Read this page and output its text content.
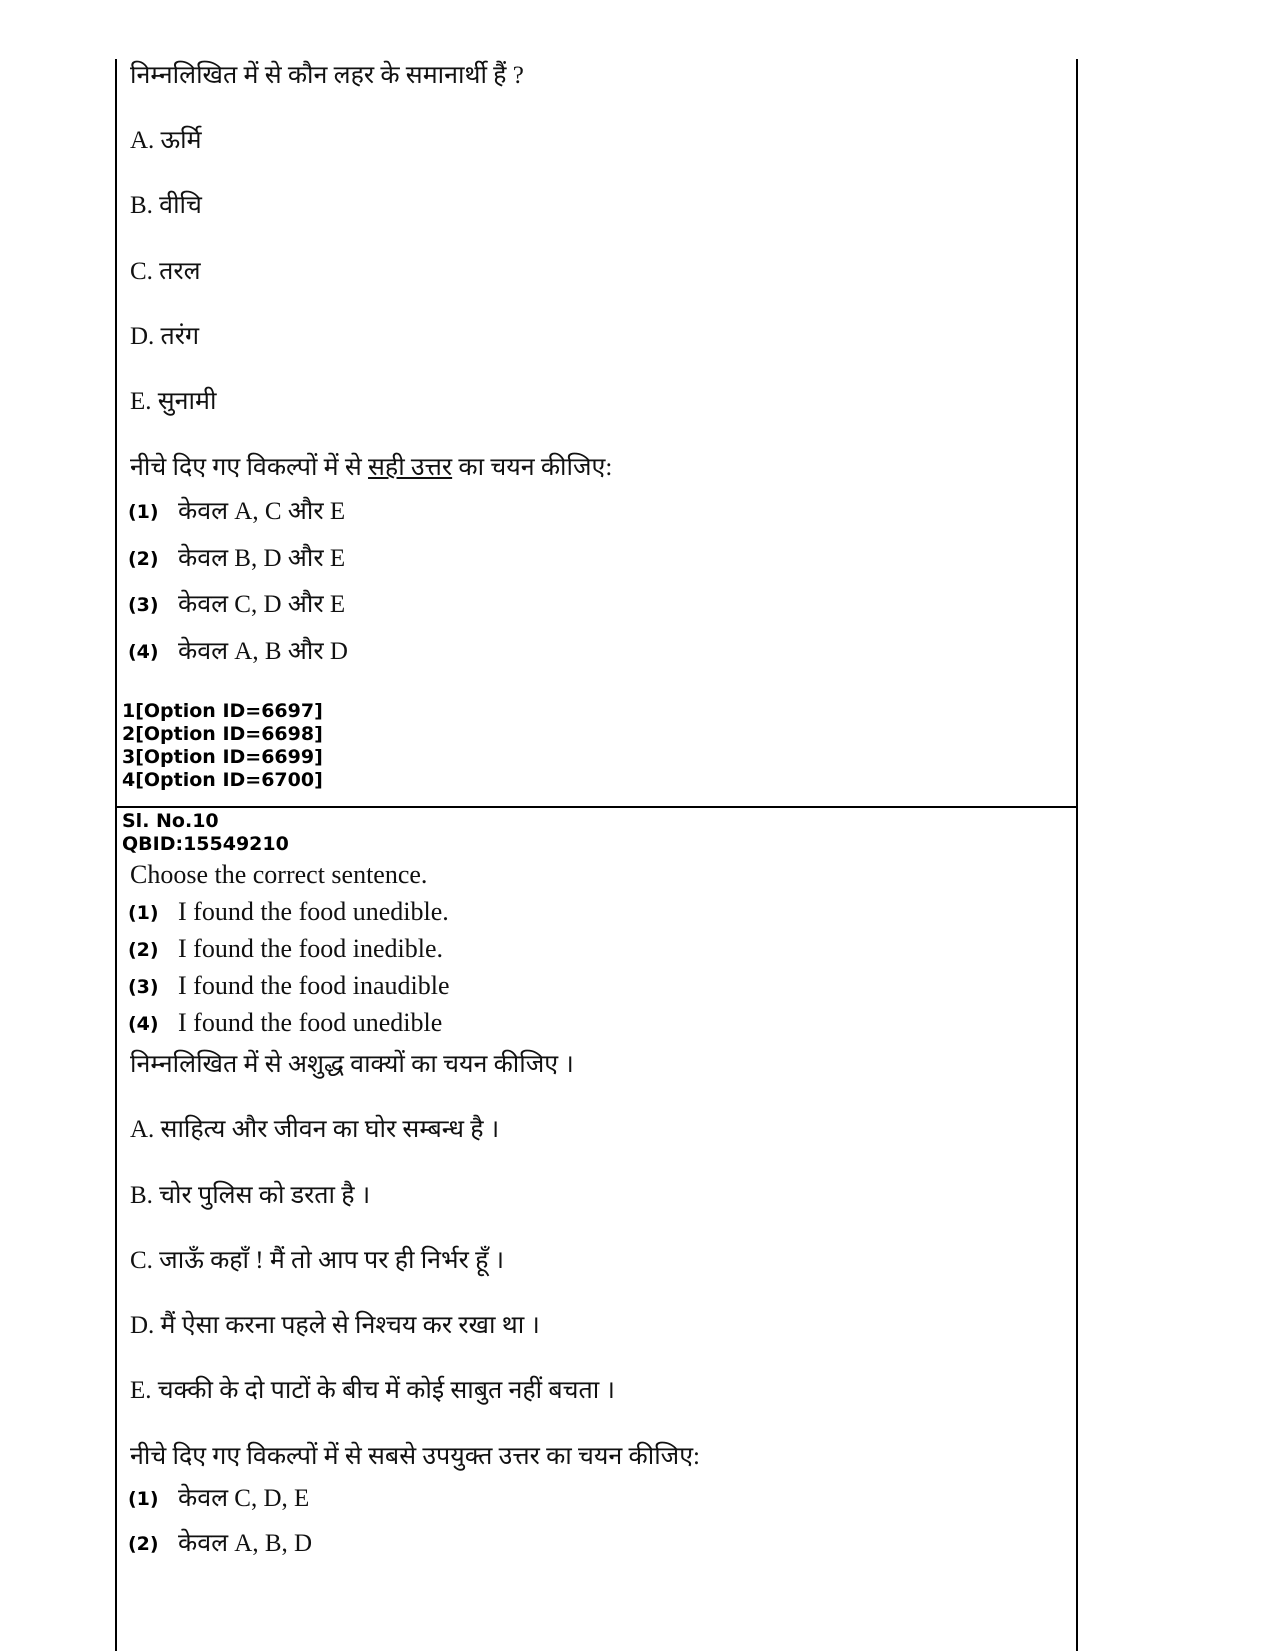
निम्नलिखित में से कौन लहर के समानार्थी हैं ?
A. ऊर्मि
B. वीचि
C. तरल
D. तरंग
E. सुनामी
नीचे दिए गए विकल्पों में से सही उत्तर का चयन कीजिए:
(1) केवल A, C और E
(2) केवल B, D और E
(3) केवल C, D और E
(4) केवल A, B और D
1[Option ID=6697]
2[Option ID=6698]
3[Option ID=6699]
4[Option ID=6700]
Sl. No.10
QBID:15549210
Choose the correct sentence.
(1) I found the food unedible.
(2) I found the food inedible.
(3) I found the food inaudible
(4) I found the food unedible
निम्नलिखित में से अशुद्ध वाक्यों का चयन कीजिए ।
A. साहित्य और जीवन का घोर सम्बन्ध है ।
B. चोर पुलिस को डरता है ।
C. जाऊँ कहाँ ! मैं तो आप पर ही निर्भर हूँ ।
D. मैं ऐसा करना पहले से निश्चय कर रखा था ।
E. चक्की के दो पाटों के बीच में कोई साबुत नहीं बचता ।
नीचे दिए गए विकल्पों में से सबसे उपयुक्त उत्तर का चयन कीजिए:
(1) केवल C, D, E
(2) केवल A, B, D
